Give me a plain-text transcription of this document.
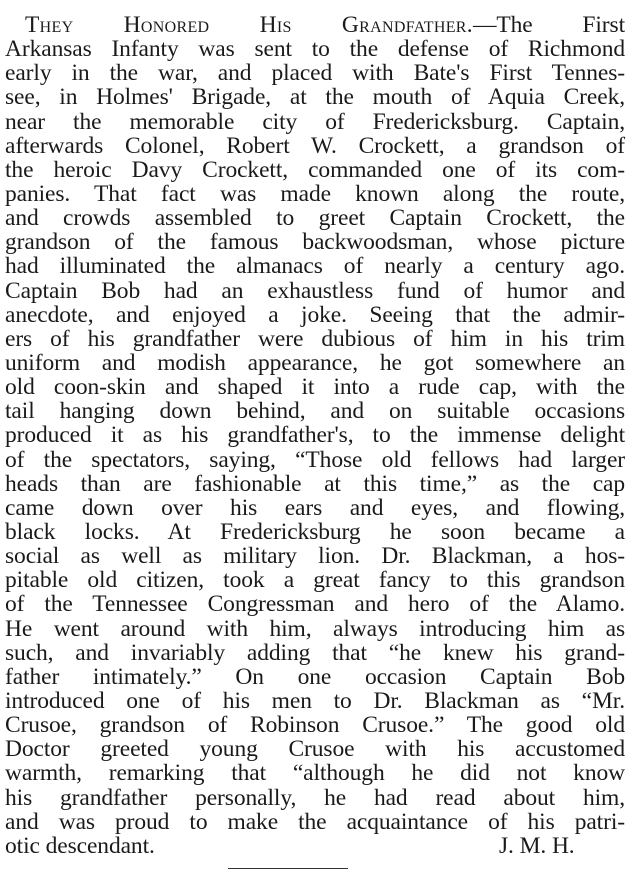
They Honored His Grandfather.—The First
Arkansas Infanty was sent to the defense of Richmond
early in the war, and placed with Bate's First Tennes-
see, in Holmes' Brigade, at the mouth of Aquia Creek,
near the memorable city of Fredericksburg. Captain,
afterwards Colonel, Robert W. Crockett, a grandson of
the heroic Davy Crockett, commanded one of its com-
panies. That fact was made known along the route,
and crowds assembled to greet Captain Crockett, the
grandson of the famous backwoodsman, whose picture
had illuminated the almanacs of nearly a century ago.
Captain Bob had an exhaustless fund of humor and
anecdote, and enjoyed a joke. Seeing that the admir-
ers of his grandfather were dubious of him in his trim
uniform and modish appearance, he got somewhere an
old coon-skin and shaped it into a rude cap, with the
tail hanging down behind, and on suitable occasions
produced it as his grandfather's, to the immense delight
of the spectators, saying, “Those old fellows had larger
heads than are fashionable at this time,” as the cap
came down over his ears and eyes, and flowing,
black locks. At Fredericksburg he soon became a
social as well as military lion. Dr. Blackman, a hos-
pitable old citizen, took a great fancy to this grandson
of the Tennessee Congressman and hero of the Alamo.
He went around with him, always introducing him as
such, and invariably adding that “he knew his grand-
father intimately.” On one occasion Captain Bob
introduced one of his men to Dr. Blackman as “Mr.
Crusoe, grandson of Robinson Crusoe.” The good old
Doctor greeted young Crusoe with his accustomed
warmth, remarking that “although he did not know
his grandfather personally, he had read about him,
and was proud to make the acquaintance of his patri-
otic descendant.	J. M. H.
